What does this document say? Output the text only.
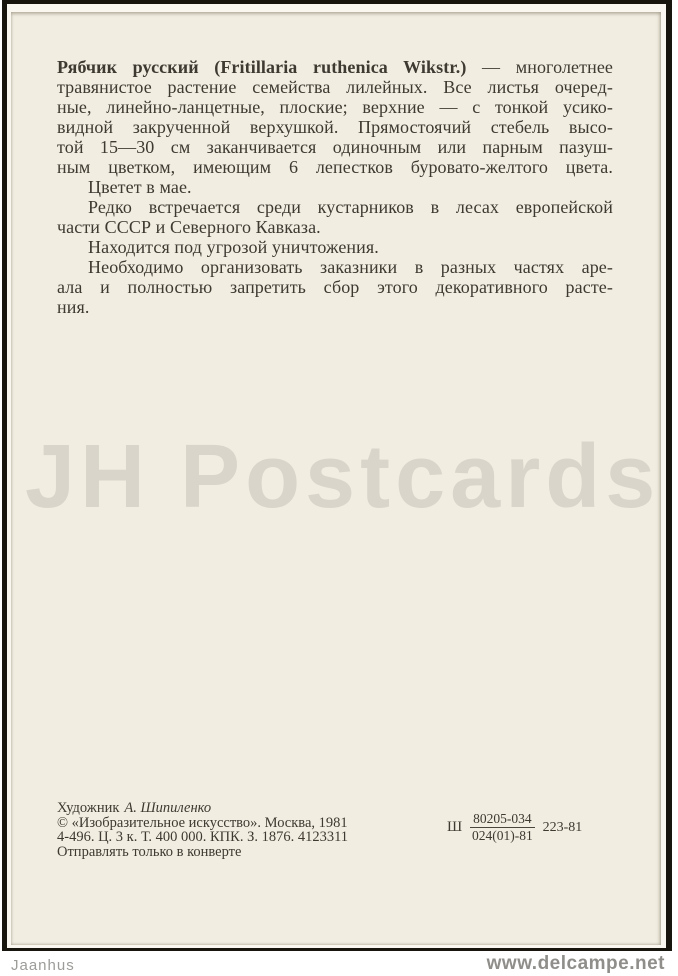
Рябчик русский (Fritillaria ruthenica Wikstr.) — многолетнее
травянистое растение семейства лилейных. Все листья очеред-
ные, линейно-ланцетные, плоские; верхние — с тонкой усико-
видной закрученной верхушкой. Прямостоячий стебель высо-
той 15—30 см заканчивается одиночным или парным пазуш-
ным цветком, имеющим 6 лепестков буровато-желтого цвета.
Цветет в мае.
Редко встречается среди кустарников в лесах европейской
части СССР и Северного Кавказа.
Находится под угрозой уничтожения.
Необходимо организовать заказники в разных частях аре-
ала и полностью запретить сбор этого декоративного расте-
ния.
JH Postcards
Художник А. Шипиленко
© «Изобразительное искусство». Москва, 1981
4-496. Ц. 3 к. Т. 400 000. КПК. З. 1876. 4123311
Отправлять только в конверте
Ш $\frac{80205-034}{024(01)-81} 223-81$
Jaanhus	www.delcampe.net
